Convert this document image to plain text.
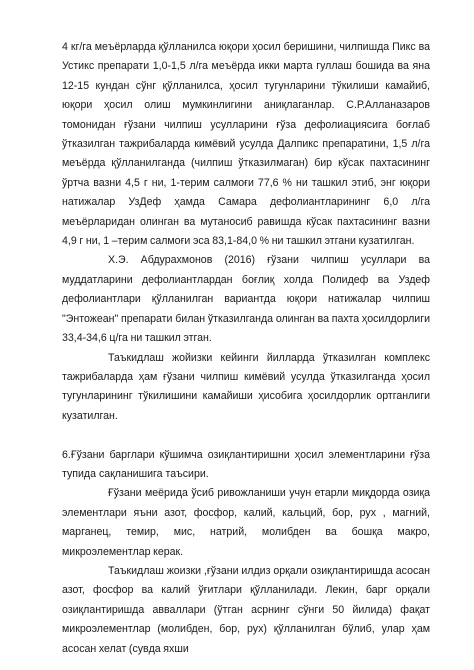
4 кг/га меъёрларда қўлланилса юқори ҳосил беришини, чилпишда Пикс ва Устикс препарати 1,0-1,5 л/га меъёрда икки марта гуллаш бошида ва яна 12-15 кундан сўнг қўлланилса, ҳосил тугунларини тўкилиши камайиб, юқори ҳосил олиш мумкинлигини аниқлаганлар. С.Р.Алланазаров томонидан ғўзани чилпиш усулларини ғўза дефолиациясига боғлаб ўтказилган тажрибаларда кимёвий усулда Далпикс препаратини, 1,5 л/га меъёрда қўлланилганда (чилпиш ўтказилмаган) бир кўсак пахтасининг ўртча вазни 4,5 г ни, 1-терим салмоғи 77,6 % ни ташкил этиб, энг юқори натижалар УзДеф ҳамда Самара дефолиантларининг 6,0 л/га меъёрларидан олинган ва мутаносиб равишда кўсак пахтасининг вазни 4,9 г ни, 1 –терим салмоғи эса 83,1-84,0 % ни ташкил этгани кузатилган.

Х.Э. Абдурахмонов (2016) ғўзани чилпиш усуллари ва муддатларини дефолиантлардан боғлиқ холда Полидеф ва Уздеф дефолиантлари қўлланилган вариантда юқори натижалар чилпиш "Энтожеан" препарати билан ўтказилганда олинган ва пахта ҳосилдорлиги 33,4-34,6 ц/га ни ташкил этган.

Таъкидлаш жойизки кейинги йилларда ўтказилган комплекс тажрибаларда ҳам ғўзани чилпиш кимёвий усулда ўтказилганда ҳосил тугунларининг тўкилишини камайиши ҳисобига ҳосилдорлик ортганлиги кузатилган.

6.Ғўзани барглари кўшимча озиқлантиришни ҳосил элементларини ғўза тупида сақланишига таъсири.

Ғўзани меёрида ўсиб ривожланиши учун етарли миқдорда озиқа элементлари яъни азот, фосфор, калий, кальций, бор, рух , магний, марганец, темир, мис, натрий, молибден ва бошқа макро, микроэлементлар керак.

Таъкидлаш жоизки ,ғўзани илдиз орқали озиқлантиришда асосан азот, фосфор ва калий ўғитлари қўлланилади. Лекин, барг орқали озиқлантиришда авваллари (ўтган асрнинг сўнги 50 йилида) фақат микроэлементлар (молибден, бор, рух) қўлланилган бўлиб, улар ҳам асосан хелат (сувда яхши
